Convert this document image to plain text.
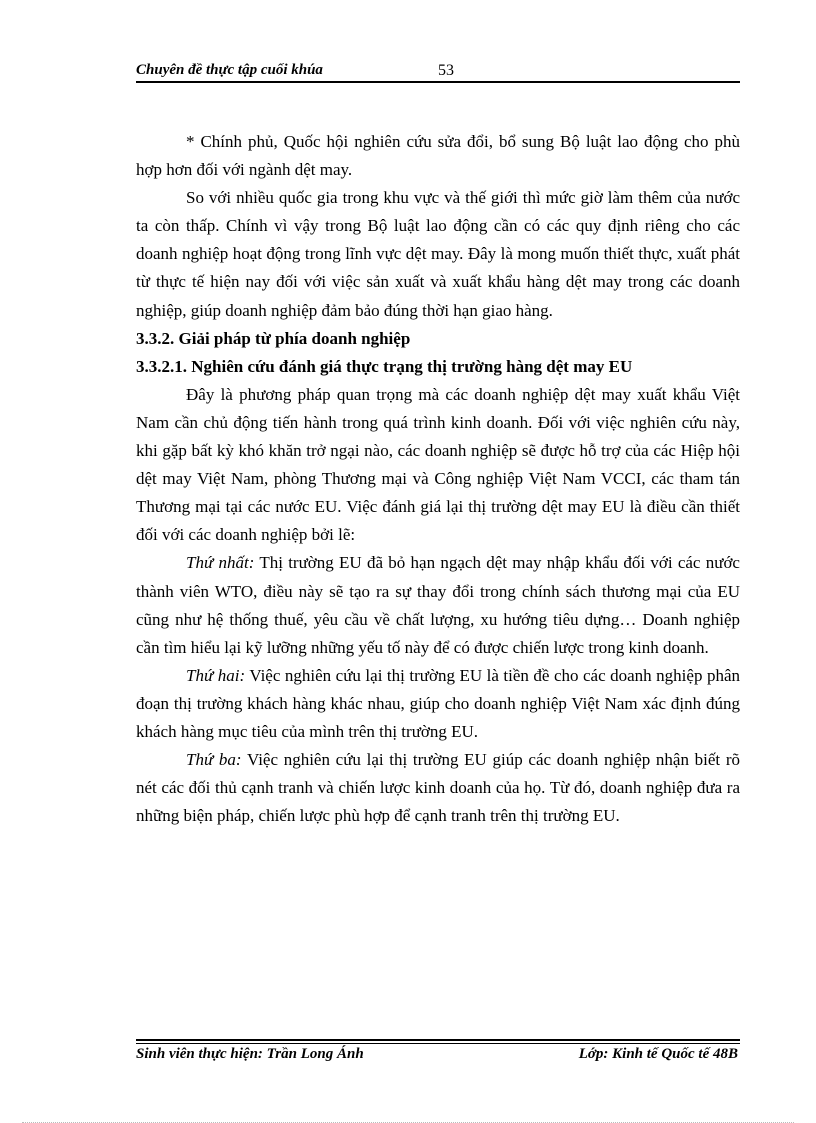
Chuyên đề thực tập cuối khúa	53

* Chính phủ, Quốc hội nghiên cứu sửa đổi, bổ sung Bộ luật lao động cho phù hợp hơn đối với ngành dệt may.

So với nhiều quốc gia trong khu vực và thế giới thì mức giờ làm thêm của nước ta còn thấp. Chính vì vậy trong Bộ luật lao động cần có các quy định riêng cho các doanh nghiệp hoạt động trong lĩnh vực dệt may. Đây là mong muốn thiết thực, xuất phát từ thực tế hiện nay đối với việc sản xuất và xuất khẩu hàng dệt may trong các doanh nghiệp, giúp doanh nghiệp đảm bảo đúng thời hạn giao hàng.

3.3.2. Giải pháp từ phía doanh nghiệp

3.3.2.1. Nghiên cứu đánh giá thực trạng thị trường hàng dệt may EU

Đây là phương pháp quan trọng mà các doanh nghiệp dệt may xuất khẩu Việt Nam cần chủ động tiến hành trong quá trình kinh doanh. Đối với việc nghiên cứu này, khi gặp bất kỳ khó khăn trở ngại nào, các doanh nghiệp sẽ được hỗ trợ của các Hiệp hội dệt may Việt Nam, phòng Thương mại và Công nghiệp Việt Nam VCCI, các tham tán Thương mại tại các nước EU. Việc đánh giá lại thị trường dệt may EU là điều cần thiết đối với các doanh nghiệp bởi lẽ:

Thứ nhất: Thị trường EU đã bỏ hạn ngạch dệt may nhập khẩu đối với các nước thành viên WTO, điều này sẽ tạo ra sự thay đổi trong chính sách thương mại của EU cũng như hệ thống thuế, yêu cầu về chất lượng, xu hướng tiêu dựng… Doanh nghiệp cần tìm hiểu lại kỹ lưỡng những yếu tố này để có được chiến lược trong kinh doanh.

Thứ hai: Việc nghiên cứu lại thị trường EU là tiền đề cho các doanh nghiệp phân đoạn thị trường khách hàng khác nhau, giúp cho doanh nghiệp Việt Nam xác định đúng khách hàng mục tiêu của mình trên thị trường EU.

Thứ ba: Việc nghiên cứu lại thị trường EU giúp các doanh nghiệp nhận biết rõ nét các đối thủ cạnh tranh và chiến lược kinh doanh của họ. Từ đó, doanh nghiệp đưa ra những biện pháp, chiến lược phù hợp để cạnh tranh trên thị trường EU.

Sinh viên thực hiện: Trần Long Ánh	Lớp: Kinh tế Quốc tế 48B
